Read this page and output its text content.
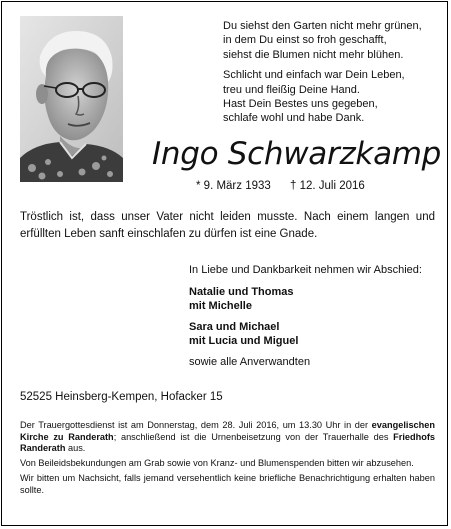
Du siehst den Garten nicht mehr grünen,
in dem Du einst so froh geschafft,
siehst die Blumen nicht mehr blühen.
Schlicht und einfach war Dein Leben,
treu und fleißig Deine Hand.
Hast Dein Bestes uns gegeben,
schlafe wohl und habe Dank.
Ingo Schwarzkamp
* 9. März 1933 † 12. Juli 2016
Tröstlich ist, dass unser Vater nicht leiden musste. Nach einem langen und erfüllten Leben sanft einschlafen zu dürfen ist eine Gnade.
In Liebe und Dankbarkeit nehmen wir Abschied:
Natalie und Thomas
mit Michelle
Sara und Michael
mit Lucia und Miguel
sowie alle Anverwandten
52525 Heinsberg-Kempen, Hofacker 15

Der Trauergottesdienst ist am Donnerstag, dem 28. Juli 2016, um 13.30 Uhr in der evangelischen Kirche zu Randerath; anschließend ist die Urnenbeisetzung von der Trauerhalle des Friedhofs Randerath aus.

Von Beileidsbekundungen am Grab sowie von Kranz- und Blumenspenden bitten wir abzusehen.

Wir bitten um Nachsicht, falls jemand versehentlich keine briefliche Benachrichtigung erhalten haben sollte.
